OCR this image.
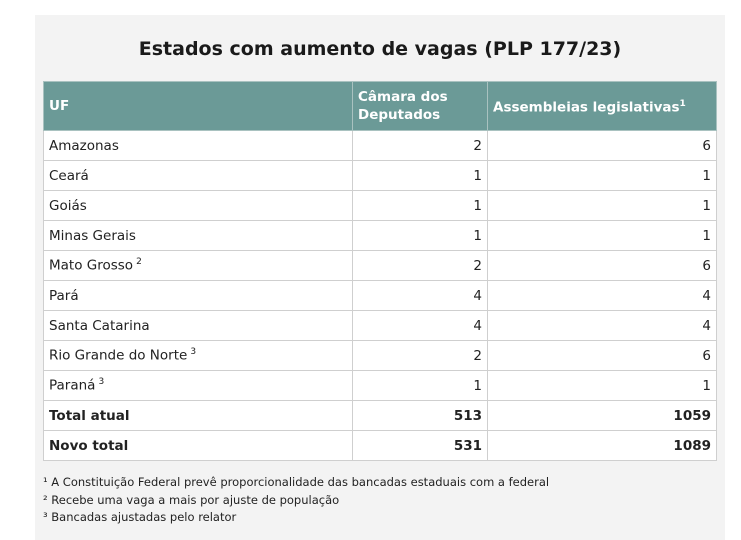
Estados com aumento de vagas (PLP 177/23)
UF	Câmara dos Deputados	Assembleias legislativas$^1$
Amazonas	2	6
Ceará	1	1
Goiás	1	1
Minas Gerais	1	1
Mato Grosso $^2$	2	6
Pará	4	4
Santa Catarina	4	4
Rio Grande do Norte $^3$	2	6
Paraná $^3$	1	1
Total atual	513	1059
Novo total	531	1089
¹ A Constituição Federal prevê proporcionalidade das bancadas estaduais com a federal
² Recebe uma vaga a mais por ajuste de população
³ Bancadas ajustadas pelo relator
